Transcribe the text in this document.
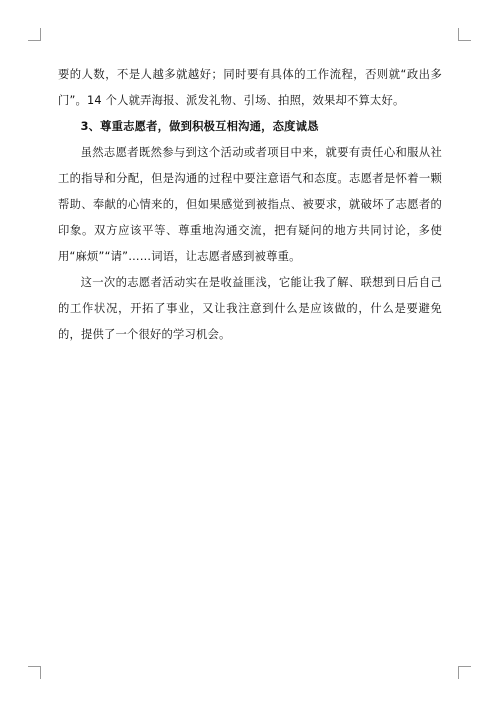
要的人数，不是人越多就越好；同时要有具体的工作流程，否则就“政出多门”。14 个人就弄海报、派发礼物、引场、拍照，效果却不算太好。

3、尊重志愿者，做到积极互相沟通，态度诚恳

虽然志愿者既然参与到这个活动或者项目中来，就要有责任心和服从社工的指导和分配，但是沟通的过程中要注意语气和态度。志愿者是怀着一颗帮助、奉献的心情来的，但如果感觉到被指点、被要求，就破坏了志愿者的印象。双方应该平等、尊重地沟通交流，把有疑问的地方共同讨论，多使用“麻烦”“请”……词语，让志愿者感到被尊重。

这一次的志愿者活动实在是收益匪浅，它能让我了解、联想到日后自己的工作状况，开拓了事业，又让我注意到什么是应该做的，什么是要避免的，提供了一个很好的学习机会。
